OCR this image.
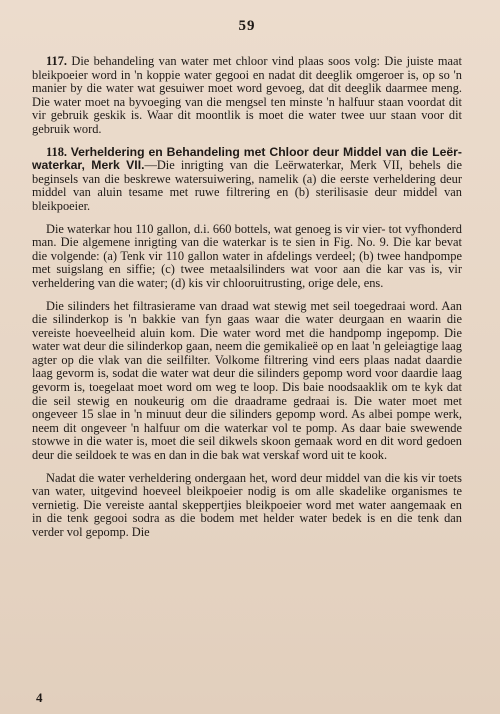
59

117. Die behandeling van water met chloor vind plaas soos volg: Die juiste maat bleikpoeier word in 'n koppie water gegooi en nadat dit deeglik omgeroer is, op so 'n manier by die water wat gesuiwer moet word gevoeg, dat dit deeglik daarmee meng. Die water moet na byvoeging van die mengsel ten minste 'n halfuur staan voordat dit vir gebruik geskik is. Waar dit moontlik is moet die water twee uur staan voor dit gebruik word.

118. Verheldering en Behandeling met Chloor deur Middel van die Leër-waterkar, Merk VII.—Die inrigting van die Leërwaterkar, Merk VII, behels die beginsels van die beskrewe watersuiwering, namelik (a) die eerste verheldering deur middel van aluin tesame met ruwe filtrering en (b) sterilisasie deur middel van bleikpoeier.

Die waterkar hou 110 gallon, d.i. 660 bottels, wat genoeg is vir vier- tot vyfhonderd man. Die algemene inrigting van die waterkar is te sien in Fig. No. 9. Die kar bevat die volgende: (a) Tenk vir 110 gallon water in afdelings verdeel; (b) twee handpompe met suigslang en siffie; (c) twee metaalsilinders wat voor aan die kar vas is, vir verheldering van die water; (d) kis vir chlooruitrusting, orige dele, ens.

Die silinders het filtrasierame van draad wat stewig met seil toegedraai word. Aan die silinderkop is 'n bakkie van fyn gaas waar die water deurgaan en waarin die vereiste hoeveelheid aluin kom. Die water word met die handpomp ingepomp. Die water wat deur die silinderkop gaan, neem die gemikalieë op en laat 'n geleiagtige laag agter op die vlak van die seilfilter. Volkome filtrering vind eers plaas nadat daardie laag gevorm is, sodat die water wat deur die silinders gepomp word voor daardie laag gevorm is, toegelaat moet word om weg te loop. Dis baie noodsaaklik om te kyk dat die seil stewig en noukeurig om die draadrame gedraai is. Die water moet met ongeveer 15 slae in 'n minuut deur die silinders gepomp word. As albei pompe werk, neem dit ongeveer 'n halfuur om die waterkar vol te pomp. As daar baie swewende stowwe in die water is, moet die seil dikwels skoon gemaak word en dit word gedoen deur die seildoek te was en dan in die bak wat verskaf word uit te kook.

Nadat die water verheldering ondergaan het, word deur middel van die kis vir toets van water, uitgevind hoeveel bleikpoeier nodig is om alle skadelike organismes te vernietig. Die vereiste aantal skeppertjies bleikpoeier word met water aangemaak en in die tenk gegooi sodra as die bodem met helder water bedek is en die tenk dan verder vol gepomp. Die

4
